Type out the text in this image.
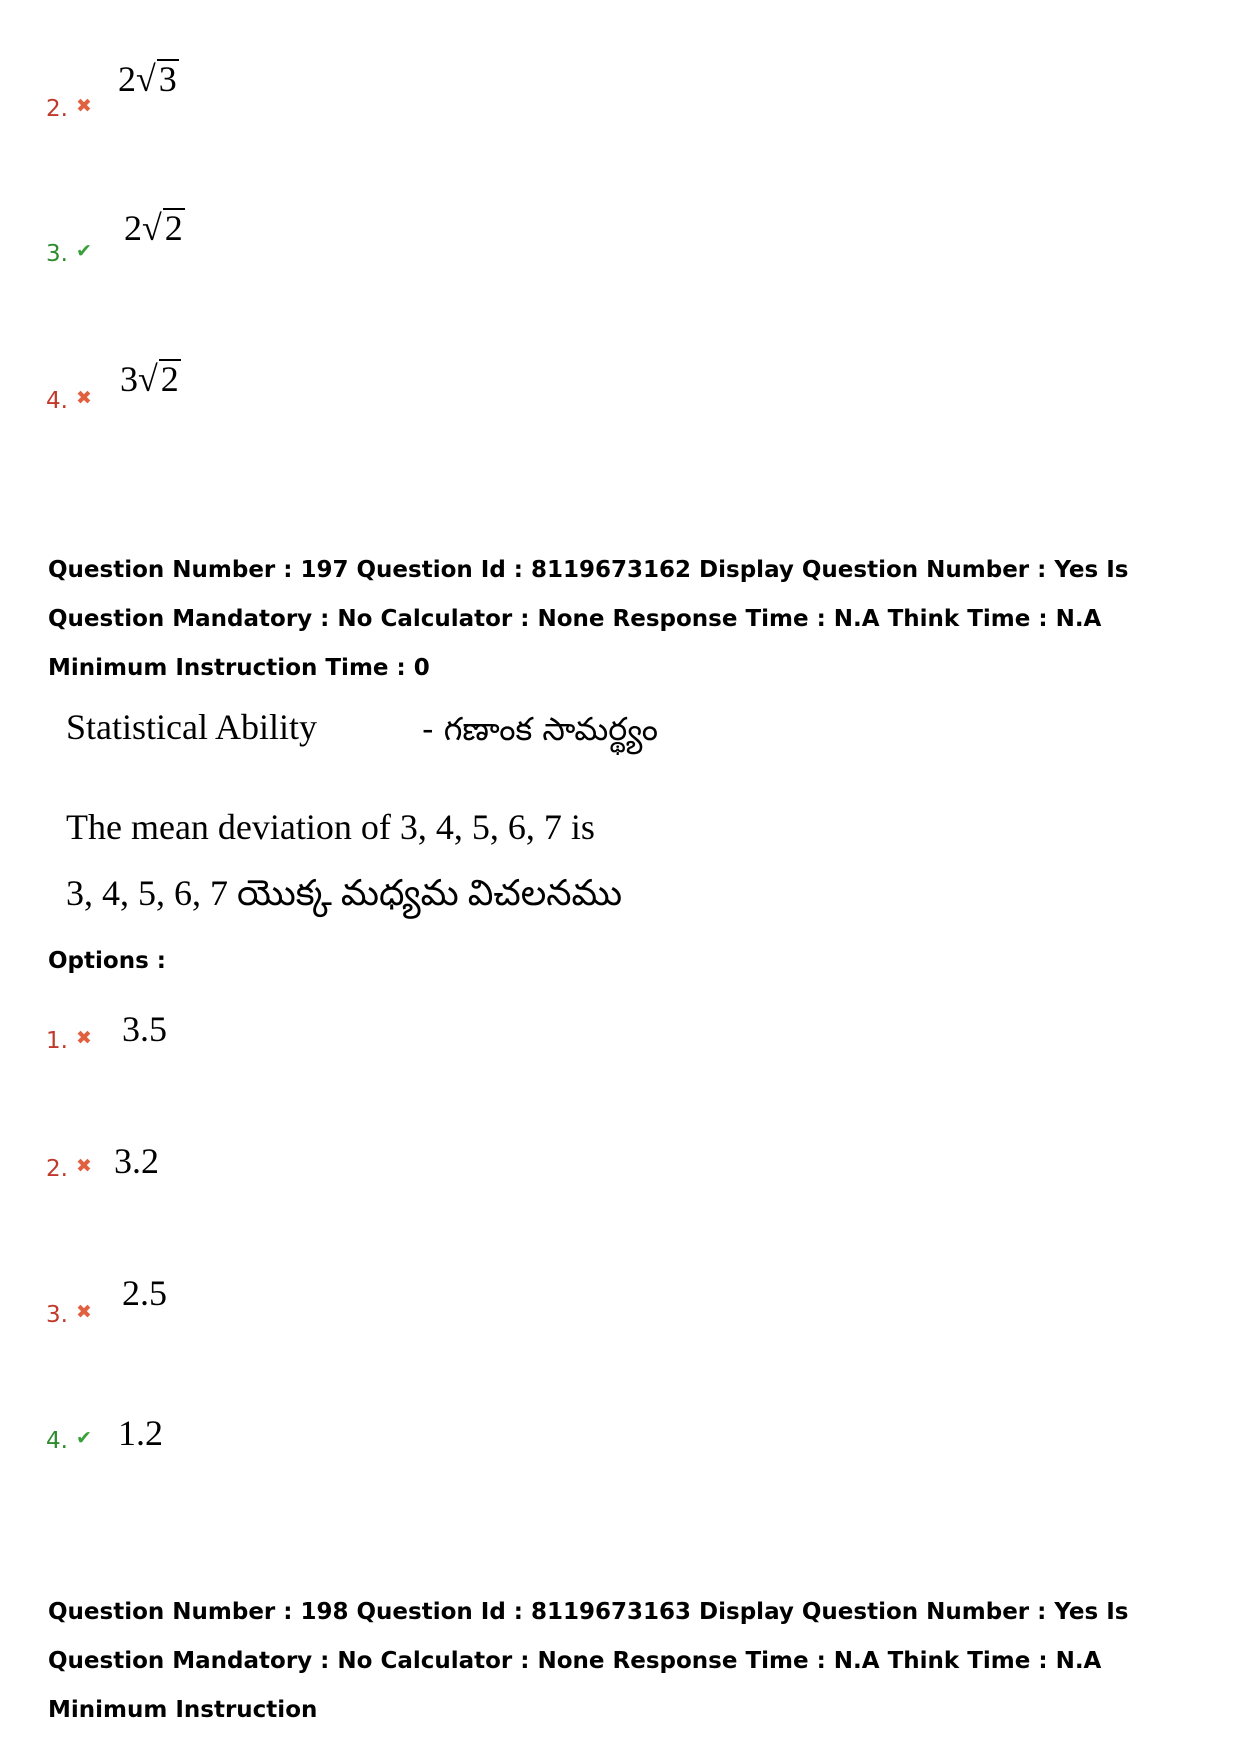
2. ✖
2√3
3. ✔
2√2
4. ✖ 3√2
Question Number : 197 Question Id : 8119673162 Display Question Number : Yes Is Question Mandatory : No Calculator : None Response Time : N.A Think Time : N.A Minimum Instruction Time : 0
Statistical Ability	- గణాంక సామర్థ్యం
The mean deviation of 3, 4, 5, 6, 7 is
3, 4, 5, 6, 7 యొక్క మధ్యమ విచలనము
Options :
1. ✖ 3.5
2. ✖ 3.2
3. ✖ 2.5
4. ✔ 1.2
Question Number : 198 Question Id : 8119673163 Display Question Number : Yes Is Question Mandatory : No Calculator : None Response Time : N.A Think Time : N.A Minimum Instruction
